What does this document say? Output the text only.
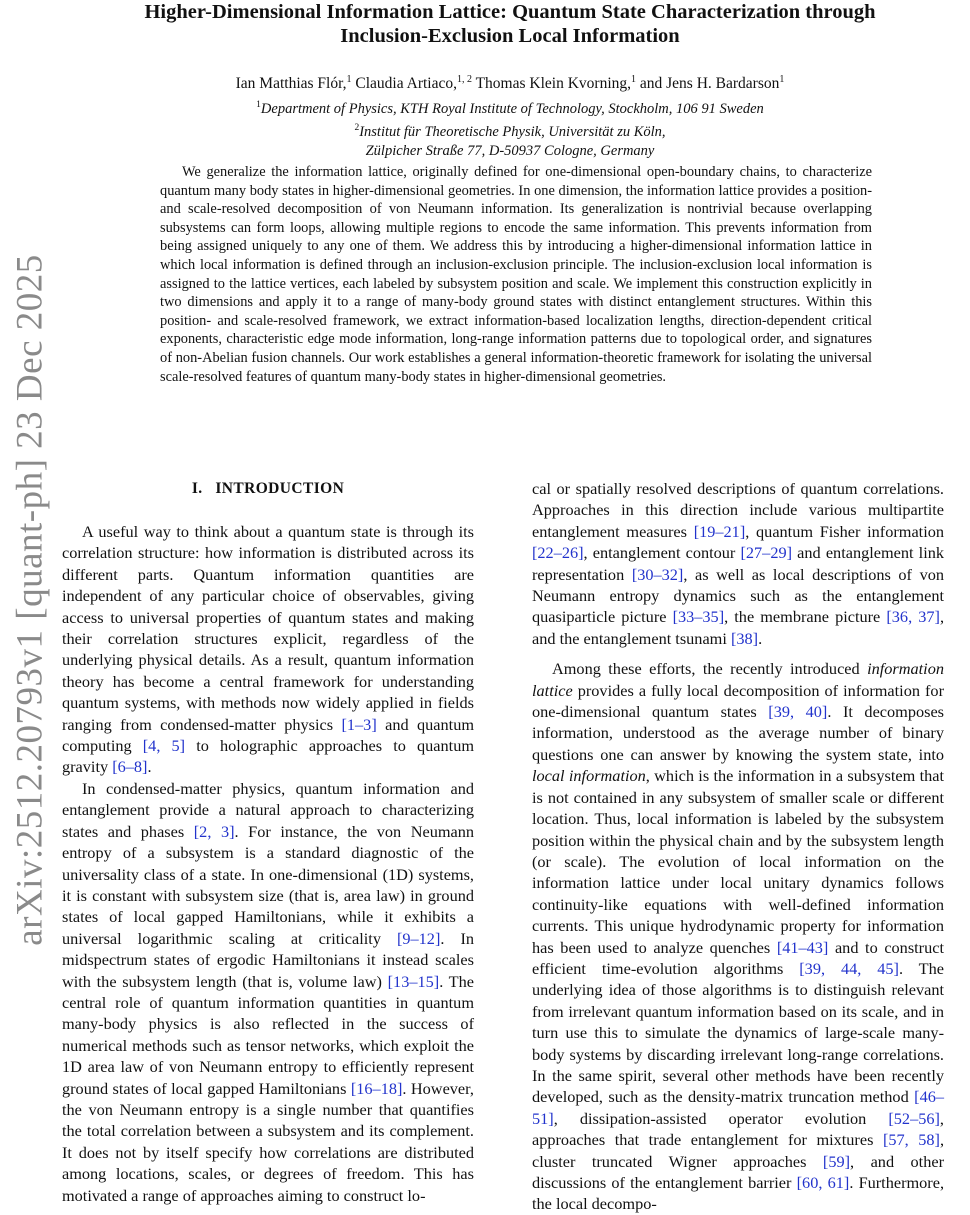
arXiv:2512.20793v1 [quant-ph] 23 Dec 2025
Higher-Dimensional Information Lattice: Quantum State Characterization through
Inclusion-Exclusion Local Information
Ian Matthias Flór,$^1$ Claudia Artiaco,$^{1, 2}$ Thomas Klein Kvorning,$^1$ and Jens H. Bardarson$^1$
$^1$Department of Physics, KTH Royal Institute of Technology, Stockholm, 106 91 Sweden
$^2$Institut für Theoretische Physik, Universität zu Köln,
Zülpicher Straße 77, D-50937 Cologne, Germany
We generalize the information lattice, originally defined for one-dimensional open-boundary chains, to characterize quantum many body states in higher-dimensional geometries. In one dimension, the information lattice provides a position- and scale-resolved decomposition of von Neumann information. Its generalization is nontrivial because overlapping subsystems can form loops, allowing multiple regions to encode the same information. This prevents information from being assigned uniquely to any one of them. We address this by introducing a higher-dimensional information lattice in which local information is defined through an inclusion-exclusion principle. The inclusion-exclusion local information is assigned to the lattice vertices, each labeled by subsystem position and scale. We implement this construction explicitly in two dimensions and apply it to a range of many-body ground states with distinct entanglement structures. Within this position- and scale-resolved framework, we extract information-based localization lengths, direction-dependent critical exponents, characteristic edge mode information, long-range information patterns due to topological order, and signatures of non-Abelian fusion channels. Our work establishes a general information-theoretic framework for isolating the universal scale-resolved features of quantum many-body states in higher-dimensional geometries.
I. INTRODUCTION

A useful way to think about a quantum state is through its correlation structure: how information is distributed across its different parts. Quantum information quantities are independent of any particular choice of observables, giving access to universal properties of quantum states and making their correlation structures explicit, regardless of the underlying physical details. As a result, quantum information theory has become a central framework for understanding quantum systems, with methods now widely applied in fields ranging from condensed-matter physics [1–3] and quantum computing [4, 5] to holographic approaches to quantum gravity [6–8].

In condensed-matter physics, quantum information and entanglement provide a natural approach to characterizing states and phases [2, 3]. For instance, the von Neumann entropy of a subsystem is a standard diagnostic of the universality class of a state. In one-dimensional (1D) systems, it is constant with subsystem size (that is, area law) in ground states of local gapped Hamiltonians, while it exhibits a universal logarithmic scaling at criticality [9–12]. In midspectrum states of ergodic Hamiltonians it instead scales with the subsystem length (that is, volume law) [13–15]. The central role of quantum information quantities in quantum many-body physics is also reflected in the success of numerical methods such as tensor networks, which exploit the 1D area law of von Neumann entropy to efficiently represent ground states of local gapped Hamiltonians [16–18]. However, the von Neumann entropy is a single number that quantifies the total correlation between a subsystem and its complement. It does not by itself specify how correlations are distributed among locations, scales, or degrees of freedom. This has motivated a range of approaches aiming to construct lo-

cal or spatially resolved descriptions of quantum correlations. Approaches in this direction include various multipartite entanglement measures [19–21], quantum Fisher information [22–26], entanglement contour [27–29] and entanglement link representation [30–32], as well as local descriptions of von Neumann entropy dynamics such as the entanglement quasiparticle picture [33–35], the membrane picture [36, 37], and the entanglement tsunami [38].

Among these efforts, the recently introduced information lattice provides a fully local decomposition of information for one-dimensional quantum states [39, 40]. It decomposes information, understood as the average number of binary questions one can answer by knowing the system state, into local information, which is the information in a subsystem that is not contained in any subsystem of smaller scale or different location. Thus, local information is labeled by the subsystem position within the physical chain and by the subsystem length (or scale). The evolution of local information on the information lattice under local unitary dynamics follows continuity-like equations with well-defined information currents. This unique hydrodynamic property for information has been used to analyze quenches [41–43] and to construct efficient time-evolution algorithms [39, 44, 45]. The underlying idea of those algorithms is to distinguish relevant from irrelevant quantum information based on its scale, and in turn use this to simulate the dynamics of large-scale many-body systems by discarding irrelevant long-range correlations. In the same spirit, several other methods have been recently developed, such as the density-matrix truncation method [46–51], dissipation-assisted operator evolution [52–56], approaches that trade entanglement for mixtures [57, 58], cluster truncated Wigner approaches [59], and other discussions of the entanglement barrier [60, 61]. Furthermore, the local decompo-
